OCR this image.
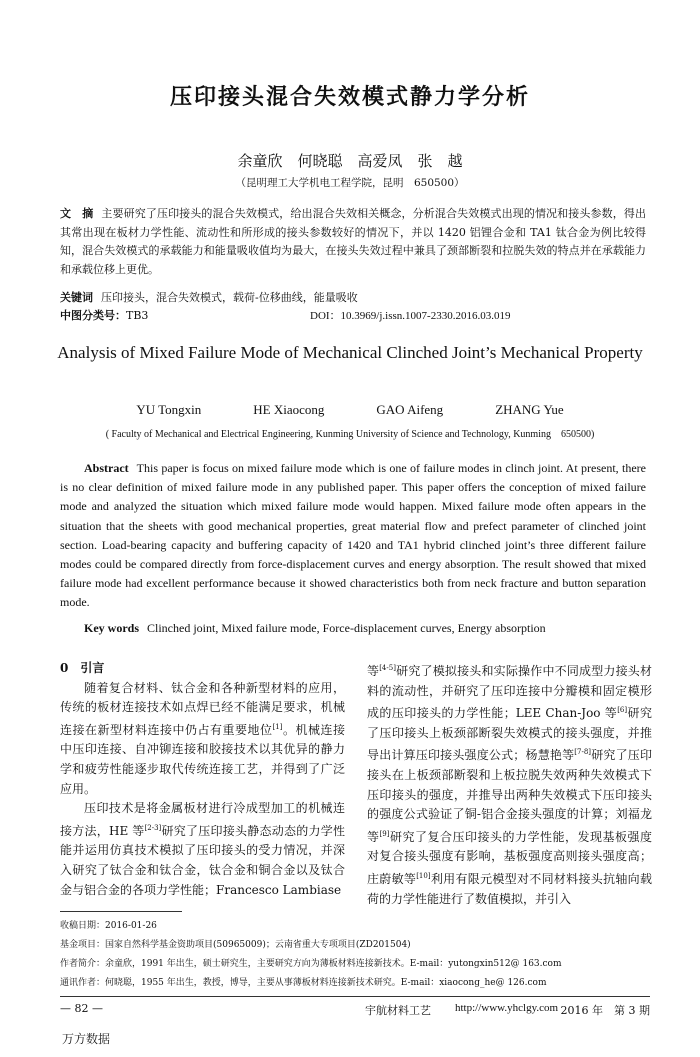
压印接头混合失效模式静力学分析
余童欣　何晓聪　高爱凤　张　越
（昆明理工大学机电工程学院，昆明　650500）
文　摘 主要研究了压印接头的混合失效模式，给出混合失效相关概念，分析混合失效模式出现的情况和接头参数，得出其常出现在板材力学性能、流动性和所形成的接头参数较好的情况下，并以 1420 铝锂合金和 TA1 钛合金为例比较得知，混合失效模式的承载能力和能量吸收值均为最大，在接头失效过程中兼具了颈部断裂和拉脱失效的特点并在承载能力和承载位移上更优。
关键词 压印接头，混合失效模式，载荷-位移曲线，能量吸收
中图分类号：TB3	DOI：10.3969/j.issn.1007-2330.2016.03.019
Analysis of Mixed Failure Mode of Mechanical Clinched Joint’s Mechanical Property
YU Tongxin	HE Xiaocong	GAO Aifeng	ZHANG Yue
( Faculty of Mechanical and Electrical Engineering, Kunming University of Science and Technology, Kunming　650500)
Abstract This paper is focus on mixed failure mode which is one of failure modes in clinch joint. At present, there is no clear definition of mixed failure mode in any published paper. This paper offers the conception of mixed failure mode and analyzed the situation which mixed failure mode would happen. Mixed failure mode often appears in the situation that the sheets with good mechanical properties, great material flow and prefect parameter of clinched joint section. Load-bearing capacity and buffering capacity of 1420 and TA1 hybrid clinched joint’s three different failure modes could be compared directly from force-displacement curves and energy absorption. The result showed that mixed failure mode had excellent performance because it showed characteristics both from neck fracture and button separation mode.
Key words Clinched joint, Mixed failure mode, Force-displacement curves, Energy absorption

0　引言

随着复合材料、钛合金和各种新型材料的应用，传统的板材连接技术如点焊已经不能满足要求，机械连接在新型材料连接中仍占有重要地位[1]。机械连接中压印连接、自冲铆连接和胶接技术以其优异的静力学和疲劳性能逐步取代传统连接工艺，并得到了广泛应用。

压印技术是将金属板材进行冷成型加工的机械连接方法，HE 等[2-3]研究了压印接头静态动态的力学性能并运用仿真技术模拟了压印接头的受力情况，并深入研究了钛合金和钛合金，钛合金和铜合金以及钛合金与铝合金的各项力学性能；Francesco Lambiase

等[4-5]研究了模拟接头和实际操作中不同成型力接头材料的流动性，并研究了压印连接中分瓣模和固定模形成的压印接头的力学性能；LEE Chan-Joo 等[6]研究了压印接头上板颈部断裂失效模式的接头强度，并推导出计算压印接头强度公式；杨慧艳等[7-8]研究了压印接头在上板颈部断裂和上板拉脱失效两种失效模式下压印接头的强度，并推导出两种失效模式下压印接头的强度公式验证了铜-铝合金接头强度的计算；刘福龙等[9]研究了复合压印接头的力学性能，发现基板强度对复合接头强度有影响，基板强度高则接头强度高；庄蔚敏等[10]利用有限元模型对不同材料接头抗轴向载荷的力学性能进行了数值模拟，并引入

收稿日期：2016-01-26
基金项目：国家自然科学基金资助项目(50965009)；云南省重大专项项目(ZD201504)
作者简介：余童欣，1991 年出生，硕士研究生，主要研究方向为薄板材料连接新技术。E-mail：yutongxin512@ 163.com
通讯作者：何晓聪，1955 年出生，教授，博导，主要从事薄板材料连接新技术研究。E-mail：xiaocong_he@ 126.com
— 82 —	宇航材料工艺 http://www.yhclgy.com 2016 年　第 3 期
万方数据
